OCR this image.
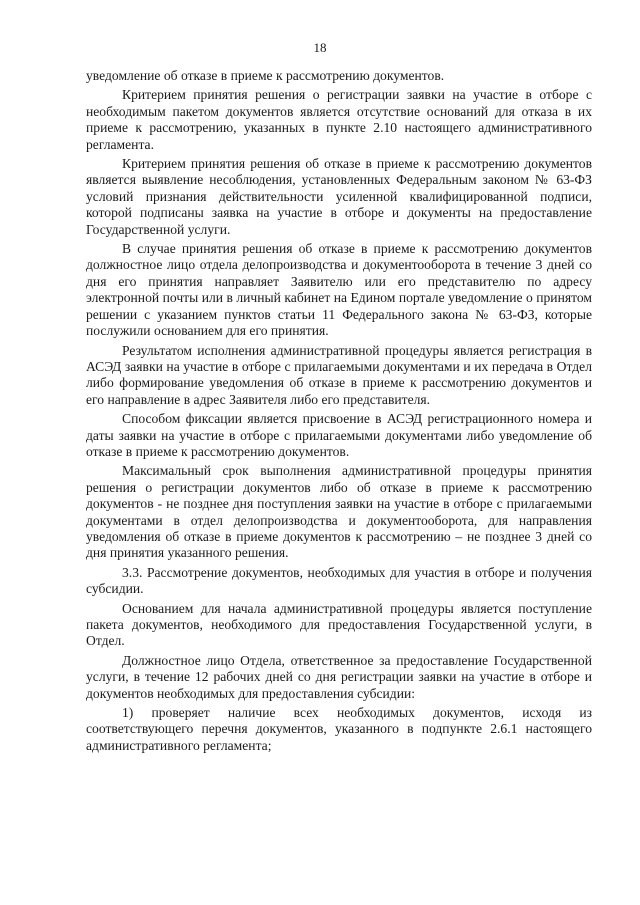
18

уведомление об отказе в приеме к рассмотрению документов.

Критерием принятия решения о регистрации заявки на участие в отборе с необходимым пакетом документов является отсутствие оснований для отказа в их приеме к рассмотрению, указанных в пункте 2.10 настоящего административного регламента.

Критерием принятия решения об отказе в приеме к рассмотрению документов является выявление несоблюдения, установленных Федеральным законом № 63-ФЗ условий признания действительности усиленной квалифицированной подписи, которой подписаны заявка на участие в отборе и документы на предоставление Государственной услуги.

В случае принятия решения об отказе в приеме к рассмотрению документов должностное лицо отдела делопроизводства и документооборота в течение 3 дней со дня его принятия направляет Заявителю или его представителю по адресу электронной почты или в личный кабинет на Едином портале уведомление о принятом решении с указанием пунктов статьи 11 Федерального закона № 63-ФЗ, которые послужили основанием для его принятия.

Результатом исполнения административной процедуры является регистрация в АСЭД заявки на участие в отборе с прилагаемыми документами и их передача в Отдел либо формирование уведомления об отказе в приеме к рассмотрению документов и его направление в адрес Заявителя либо его представителя.

Способом фиксации является присвоение в АСЭД регистрационного номера и даты заявки на участие в отборе с прилагаемыми документами либо уведомление об отказе в приеме к рассмотрению документов.

Максимальный срок выполнения административной процедуры принятия решения о регистрации документов либо об отказе в приеме к рассмотрению документов - не позднее дня поступления заявки на участие в отборе с прилагаемыми документами в отдел делопроизводства и документооборота, для направления уведомления об отказе в приеме документов к рассмотрению – не позднее 3 дней со дня принятия указанного решения.

3.3. Рассмотрение документов, необходимых для участия в отборе и получения субсидии.

Основанием для начала административной процедуры является поступление пакета документов, необходимого для предоставления Государственной услуги, в Отдел.

Должностное лицо Отдела, ответственное за предоставление Государственной услуги, в течение 12 рабочих дней со дня регистрации заявки на участие в отборе и документов необходимых для предоставления субсидии:

1) проверяет наличие всех необходимых документов, исходя из соответствующего перечня документов, указанного в подпункте 2.6.1 настоящего административного регламента;
